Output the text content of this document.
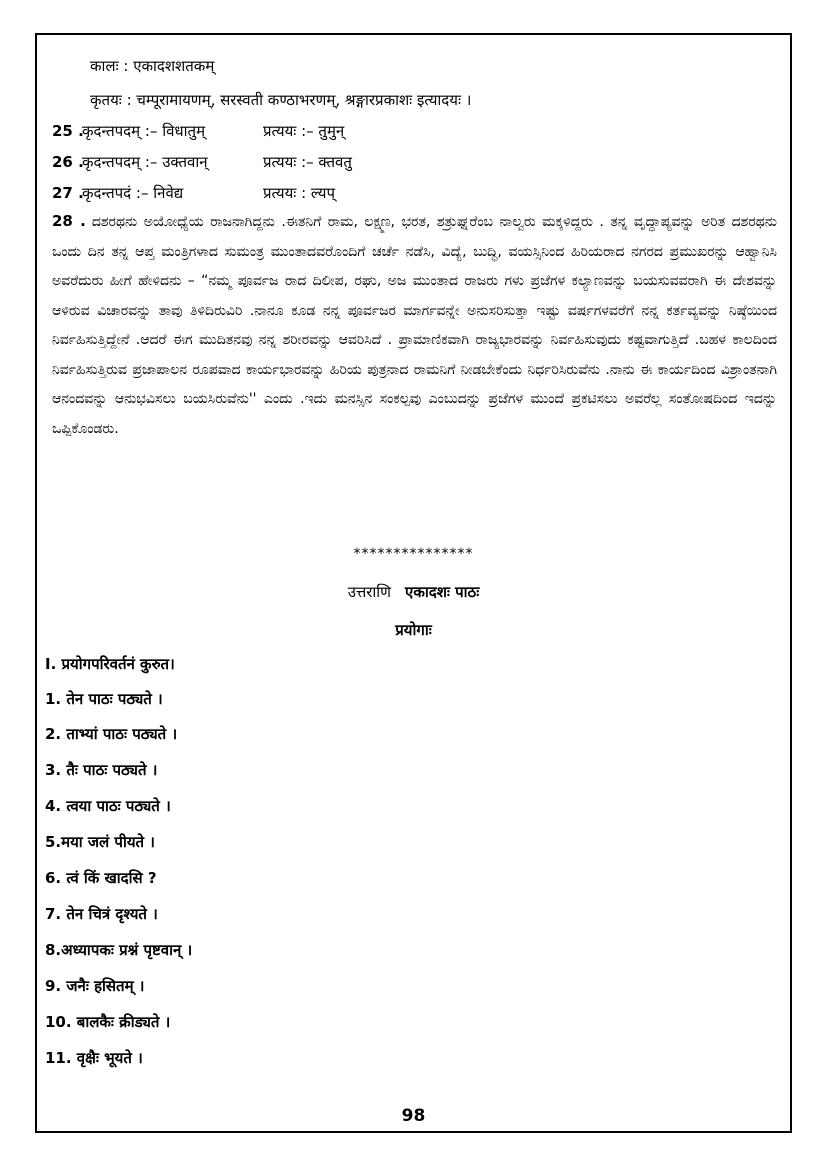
कालः : एकादशशतकम्
कृतयः : चम्पूरामायणम्, सरस्वती कण्ठाभरणम्, श्रङ्गारप्रकाशः इत्यादयः ।
25 .
कृदन्तपदम् :– विधातुम्	प्रत्ययः :– तुमुन्
26 .
कृदन्तपदम् :– उक्तवान्	प्रत्ययः :– क्तवतु
27 .
कृदन्तपदं :– निवेद्य	प्रत्ययः : ल्यप्
28 . ದಶರಥನು ಅಯೋಧ್ಯೆಯ ರಾಜನಾಗಿದ್ದನು .ಈತನಿಗೆ ರಾಮ, ಲಕ್ಷ್ಮಣ, ಭರತ, ಶತ್ರುಘ್ನರೆಂಬ ನಾಲ್ವರು ಮಕ್ಕಳಿದ್ದರು . ತನ್ನ ವೃದ್ಧಾಪ್ಯವನ್ನು ಅರಿತ ದಶರಥನು ಒಂದು ದಿನ ತನ್ನ ಆಪ್ತ ಮಂತ್ರಿಗಳಾದ ಸುಮಂತ್ರ ಮುಂತಾದವರೊಂದಿಗೆ ಚರ್ಚೆ ನಡೆಸಿ, ವಿದ್ಯೆ, ಬುದ್ಧಿ, ವಯಸ್ಸಿನಿಂದ ಹಿರಿಯರಾದ ನಗರದ ಪ್ರಮುಖರನ್ನು ಆಹ್ವಾನಿಸಿ ಅವರೆದುರು ಹೀಗೆ ಹೇಳಿದನು – “ನಮ್ಮ ಪೂರ್ವಜ ರಾದ ದಿಲೀಪ, ರಘು, ಅಜ ಮುಂತಾದ ರಾಜರು ಗಳು ಪ್ರಜೆಗಳ ಕಲ್ಯಾಣವನ್ನು ಬಯಸುವವರಾಗಿ ಈ ದೇಶವನ್ನು ಆಳಿರುವ ವಿಚಾರವನ್ನು ತಾವು ತಿಳಿದಿರುವಿರಿ .ನಾನೂ ಕೂಡ ನನ್ನ ಪೂರ್ವಜರ ಮಾರ್ಗವನ್ನೇ ಅನುಸರಿಸುತ್ತಾ ಇಷ್ಟು ವರ್ಷಗಳವರೆಗೆ ನನ್ನ ಕರ್ತವ್ಯವನ್ನು ನಿಷ್ಠೆಯಿಂದ ನಿರ್ವಹಿಸುತ್ತಿದ್ದೇನೆ .ಆದರೆ ಈಗ ಮುದಿತನವು ನನ್ನ ಶರೀರವನ್ನು ಆವರಿಸಿದೆ . ಪ್ರಾಮಾಣಿಕವಾಗಿ ರಾಜ್ಯಭಾರವನ್ನು ನಿರ್ವಹಿಸುವುದು ಕಷ್ಟವಾಗುತ್ತಿದೆ .ಬಹಳ ಕಾಲದಿಂದ ನಿರ್ವಹಿಸುತ್ತಿರುವ ಪ್ರಜಾಪಾಲನ ರೂಪವಾದ ಕಾರ್ಯಭಾರವನ್ನು ಹಿರಿಯ ಪುತ್ರನಾದ ರಾಮನಿಗೆ ನೀಡಬೇಕೆಂದು ನಿರ್ಧರಿಸಿರುವೆನು .ನಾನು ಈ ಕಾರ್ಯದಿಂದ ವಿಶ್ರಾಂತನಾಗಿ ಆನಂದವನ್ನು ಆನುಭವಿಸಲು ಬಯಸಿರುವೆನು'' ಎಂದು .ಇದು ಮನಸ್ಸಿನ ಸಂಕಲ್ಪವು ಎಂಬುದನ್ನು ಪ್ರಜೆಗಳ ಮುಂದೆ ಪ್ರಕಟಿಸಲು ಅವರೆಲ್ಲ ಸಂತೋಷದಿಂದ ಇದನ್ನು ಒಪ್ಪಿಕೊಂಡರು.
***************
उत्तराणि एकादशः पाठः
प्रयोगाः
I. प्रयोगपरिवर्तनं कुरुत।
1. तेन पाठः पठ्यते ।
2. ताभ्यां पाठः पठ्यते ।
3. तैः पाठः पठ्यते ।
4. त्वया पाठः पठ्यते ।
5.मया जलं पीयते ।
6. त्वं किं खादसि ?
7. तेन चित्रं दृश्यते ।
8.अध्यापकः प्रश्नं पृष्टवान् ।
9. जनैः हसितम् ।
10. बालकैः क्रीड्यते ।
11. वृक्षैः भूयते ।
98
